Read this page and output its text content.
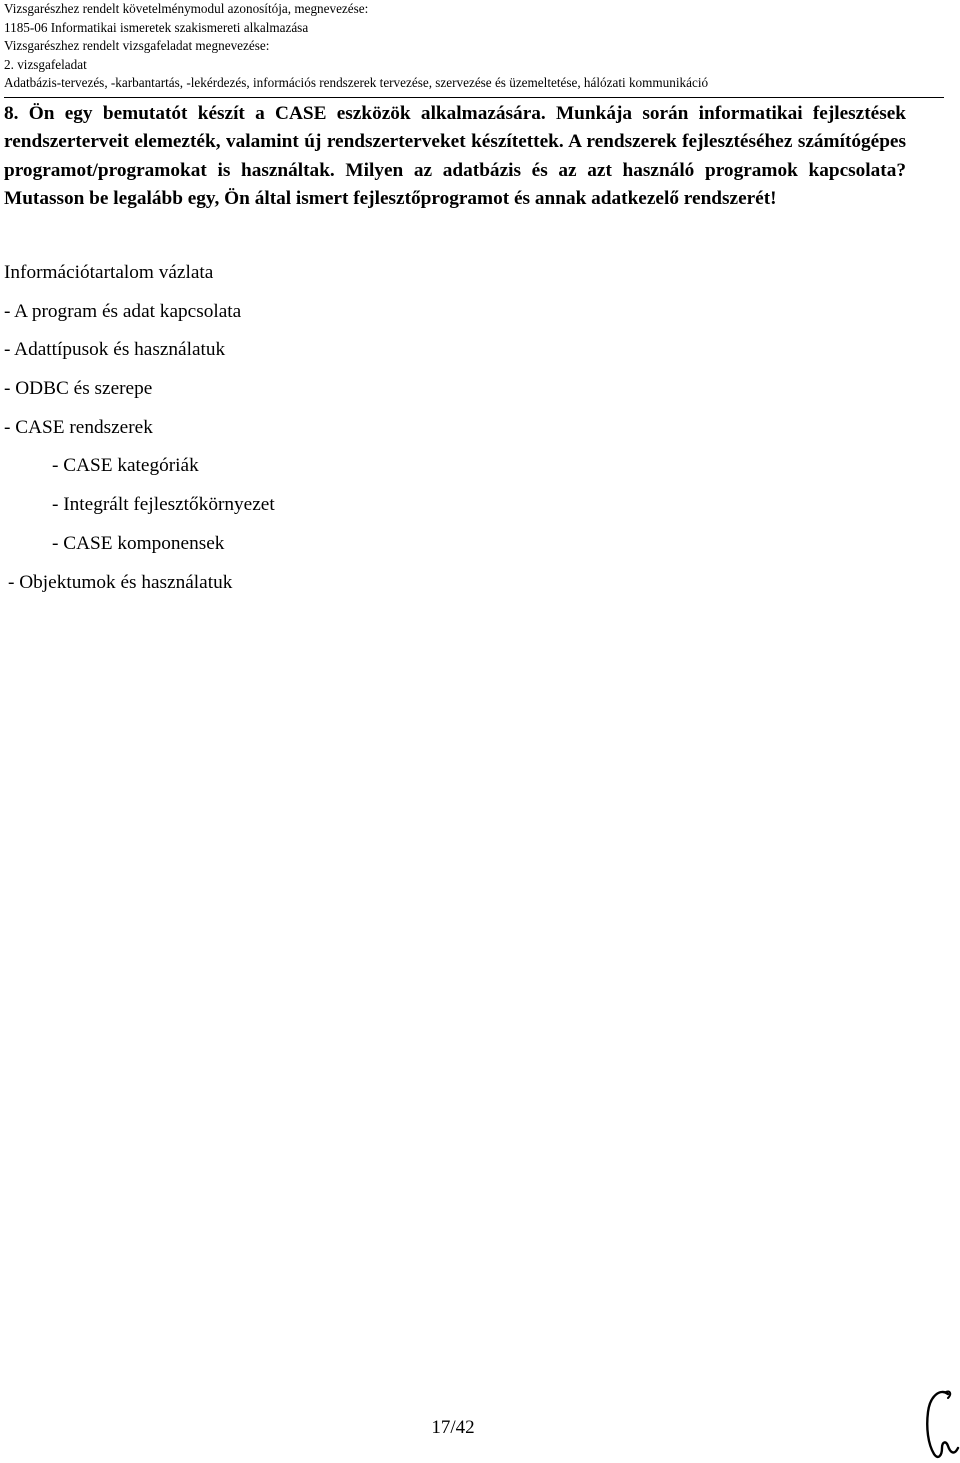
Vizsgarészhez rendelt követelménymodul azonosítója, megnevezése:
1185-06 Informatikai ismeretek szakismereti alkalmazása
Vizsgarészhez rendelt vizsgafeladat megnevezése:
2. vizsgafeladat
Adatbázis-tervezés, -karbantartás, -lekérdezés, információs rendszerek tervezése, szervezése és üzemeltetése, hálózati kommunikáció

8. Ön egy bemutatót készít a CASE eszközök alkalmazására. Munkája során informatikai fejlesztések rendszerterveit elemezték, valamint új rendszerterveket készítettek. A rendszerek fejlesztéséhez számítógépes programot/programokat is használtak. Milyen az adatbázis és az azt használó programok kapcsolata? Mutasson be legalább egy, Ön által ismert fejlesztőprogramot és annak adatkezelő rendszerét!

Információtartalom vázlata
- A program és adat kapcsolata
- Adattípusok és használatuk
- ODBC és szerepe
- CASE rendszerek
- CASE kategóriák
- Integrált fejlesztőkörnyezet
- CASE komponensek
- Objektumok és használatuk
17/42
